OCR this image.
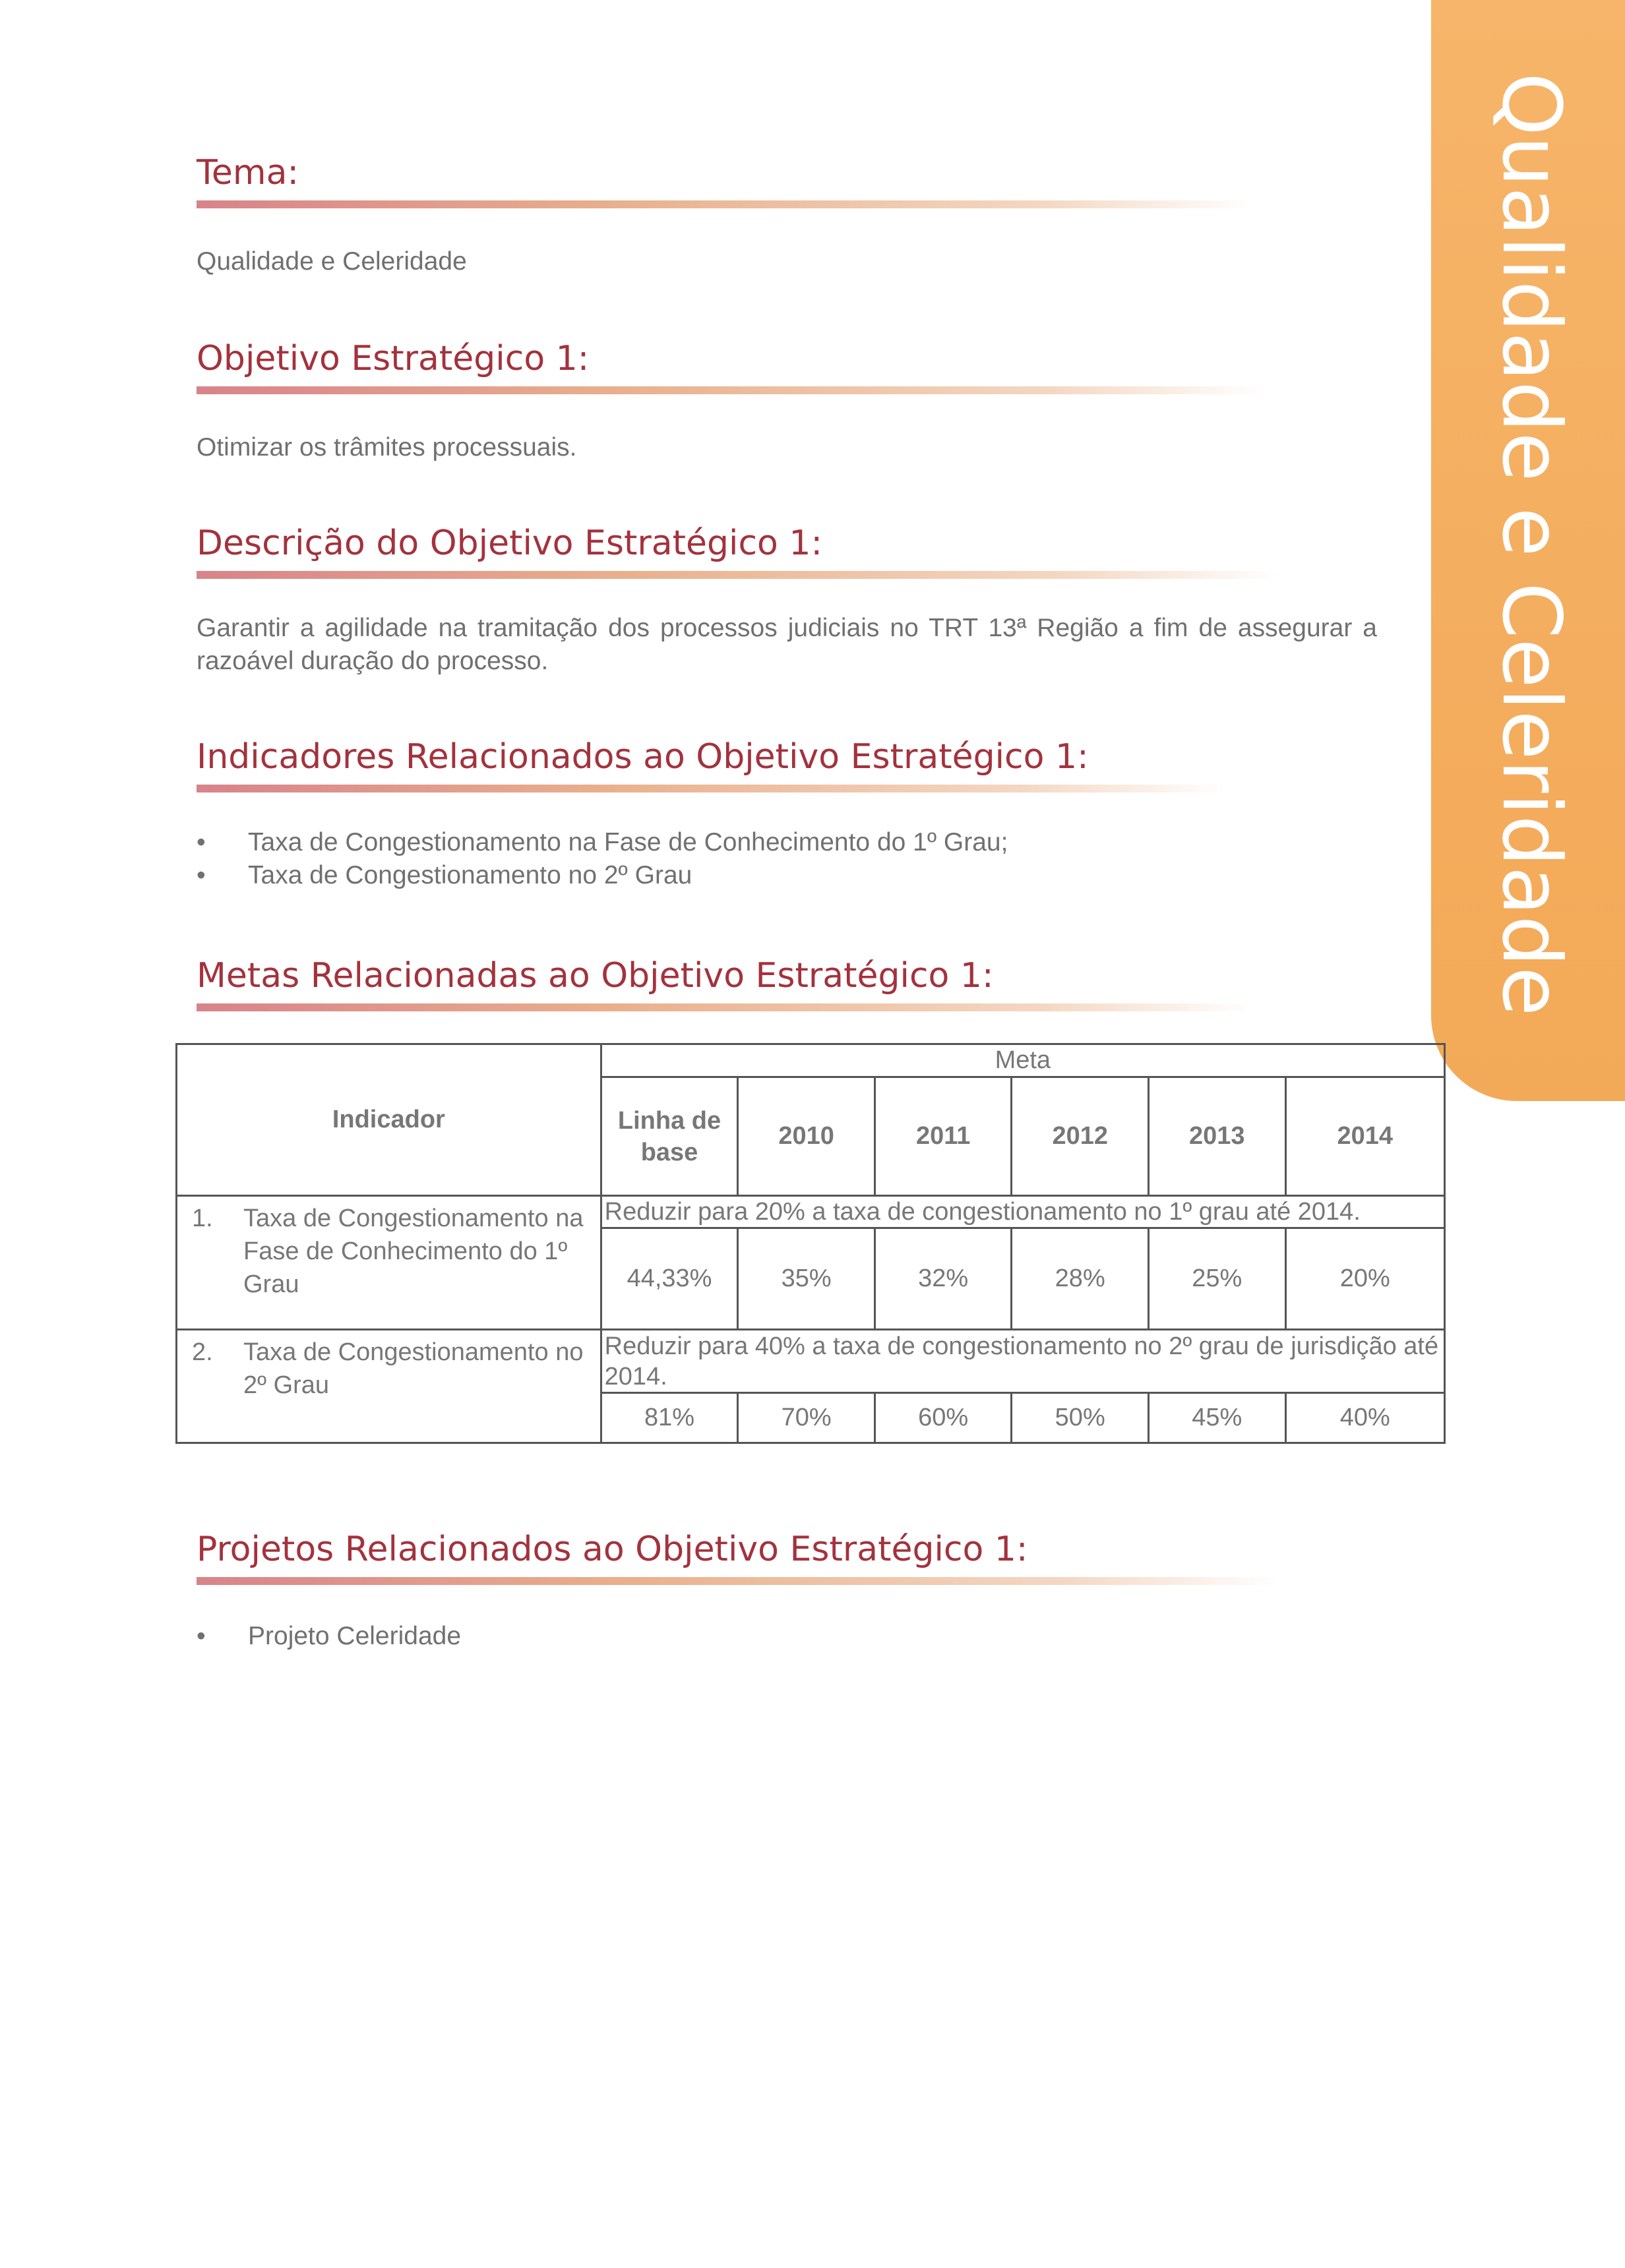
Qualidade e Celeridade
Tema:
Qualidade e Celeridade
Objetivo Estratégico 1:
Otimizar os trâmites processuais.
Descrição do Objetivo Estratégico 1:
Garantir a agilidade na tramitação dos processos judiciais no TRT 13ª Região a fim de assegurar a razoável duração do processo.
Indicadores Relacionados ao Objetivo Estratégico 1:
• Taxa de Congestionamento na Fase de Conhecimento do 1º Grau;
• Taxa de Congestionamento no 2º Grau
Metas Relacionadas ao Objetivo Estratégico 1:
Indicador	Meta					
	Linha de base	2010	2011	2012	2013	2014
1. Taxa de Congestionamento na Fase de Conhecimento do 1º Grau	Reduzir para 20% a taxa de congestionamento no 1º grau até 2014.					
	44,33%	35%	32%	28%	25%	20%
2. Taxa de Congestionamento no 2º Grau	Reduzir para 40% a taxa de congestionamento no 2º grau de jurisdição até 2014.					
	81%	70%	60%	50%	45%	40%
Projetos Relacionados ao Objetivo Estratégico 1:
• Projeto Celeridade
